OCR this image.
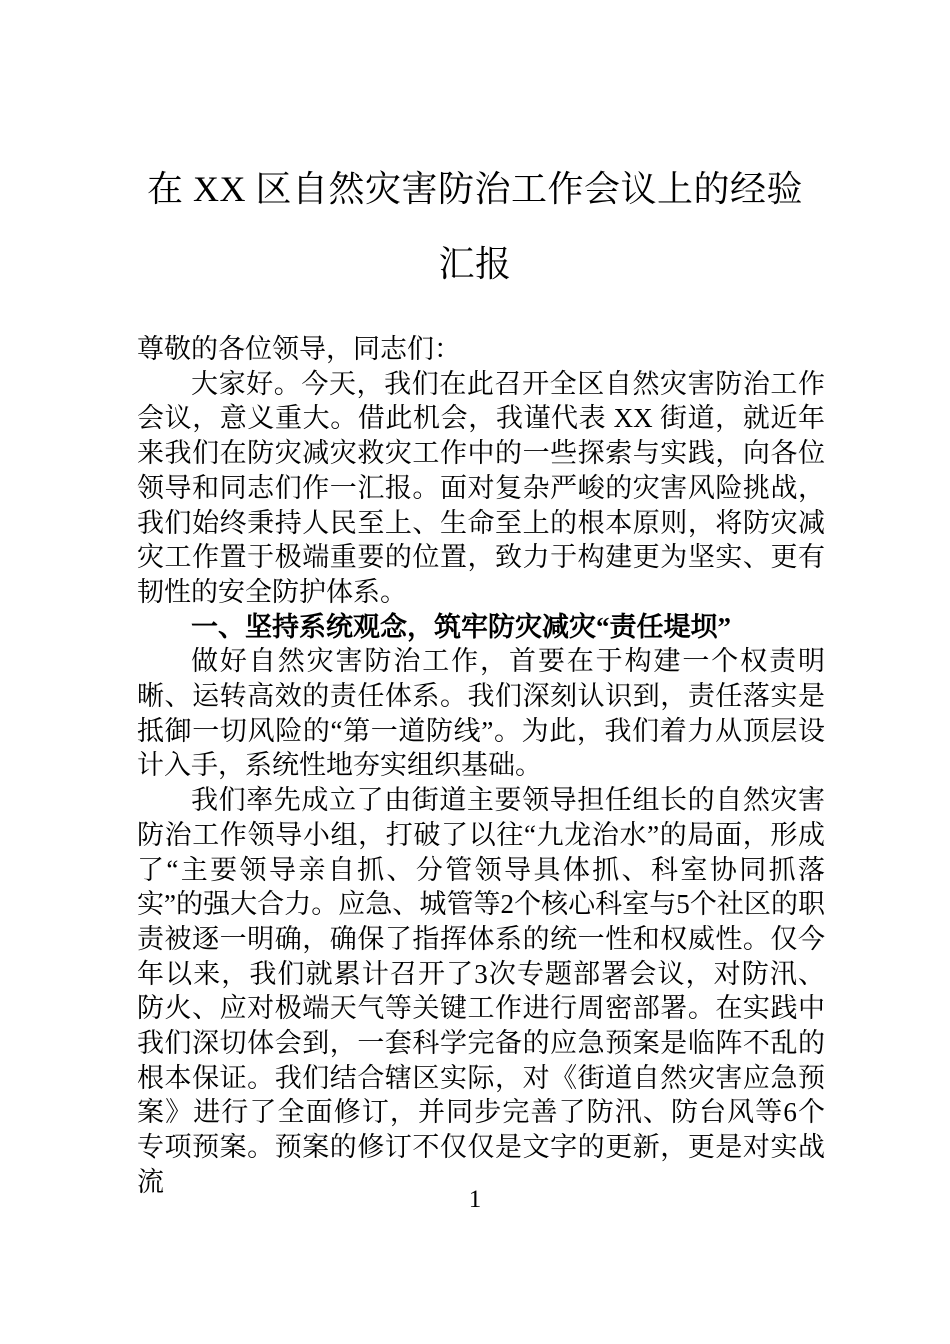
在 XX 区自然灾害防治工作会议上的经验汇报

尊敬的各位领导，同志们：

大家好。今天，我们在此召开全区自然灾害防治工作会议，意义重大。借此机会，我谨代表 XX 街道，就近年来我们在防灾减灾救灾工作中的一些探索与实践，向各位领导和同志们作一汇报。面对复杂严峻的灾害风险挑战，我们始终秉持人民至上、生命至上的根本原则，将防灾减灾工作置于极端重要的位置，致力于构建更为坚实、更有韧性的安全防护体系。

一、坚持系统观念，筑牢防灾减灾“责任堤坝”

做好自然灾害防治工作，首要在于构建一个权责明晰、运转高效的责任体系。我们深刻认识到，责任落实是抵御一切风险的“第一道防线”。为此，我们着力从顶层设计入手，系统性地夯实组织基础。

我们率先成立了由街道主要领导担任组长的自然灾害防治工作领导小组，打破了以往“九龙治水”的局面，形成了“主要领导亲自抓、分管领导具体抓、科室协同抓落实”的强大合力。应急、城管等2个核心科室与5个社区的职责被逐一明确，确保了指挥体系的统一性和权威性。仅今年以来，我们就累计召开了3次专题部署会议，对防汛、防火、应对极端天气等关键工作进行周密部署。在实践中我们深切体会到，一套科学完备的应急预案是临阵不乱的根本保证。我们结合辖区实际，对《街道自然灾害应急预案》进行了全面修订，并同步完善了防汛、防台风等6个专项预案。预案的修订不仅仅是文字的更新，更是对实战流

1
